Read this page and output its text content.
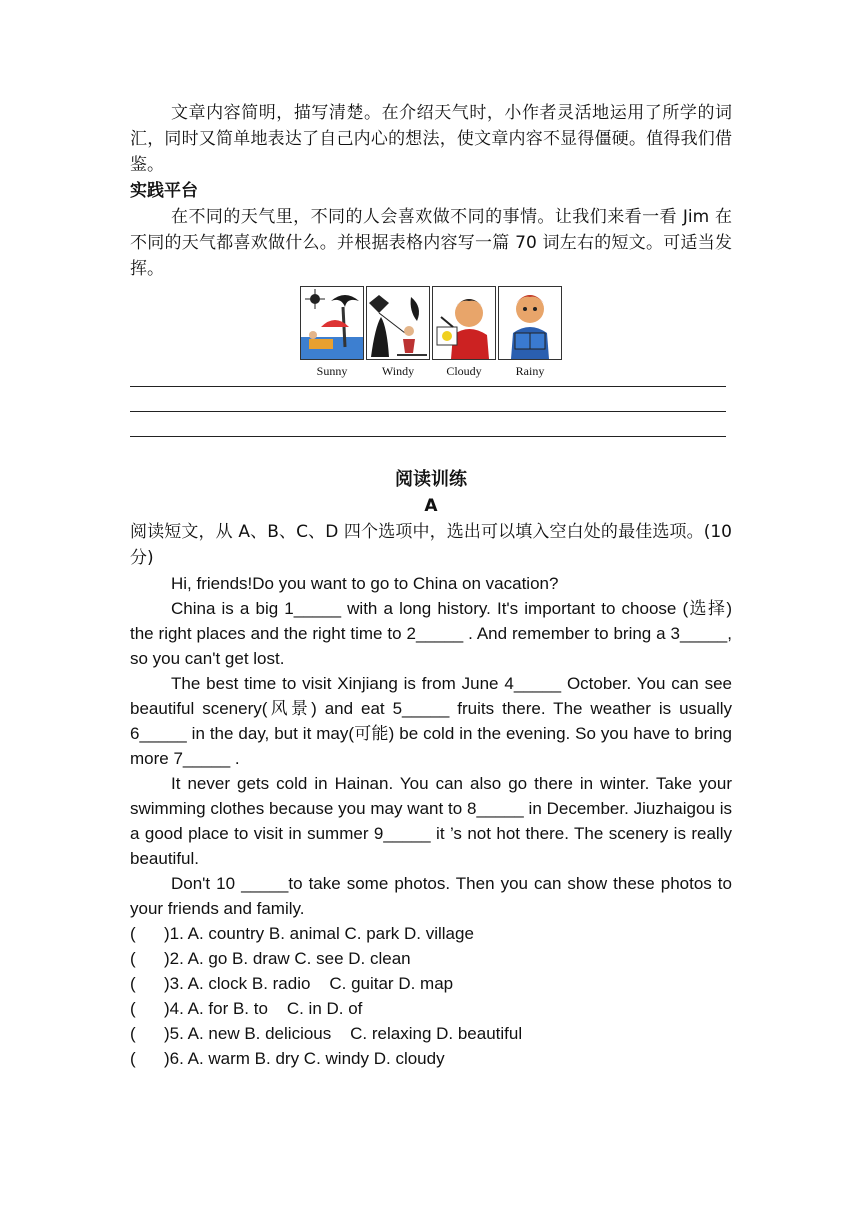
文章内容简明，描写清楚。在介绍天气时，小作者灵活地运用了所学的词汇，同时又简单地表达了自己内心的想法，使文章内容不显得僵硬。值得我们借鉴。

实践平台

在不同的天气里，不同的人会喜欢做不同的事情。让我们来看一看 Jim 在不同的天气都喜欢做什么。并根据表格内容写一篇 70 词左右的短文。可适当发挥。

Sunny	Windy	Cloudy	Rainy

阅读训练

A

阅读短文，从 A、B、C、D 四个选项中，选出可以填入空白处的最佳选项。(10 分)

Hi, friends!Do you want to go to China on vacation?

China is a big 1_____ with a long history. It's important to choose (选择) the right places and the right time to 2_____ . And remember to bring a 3_____, so you can't get lost.

The best time to visit Xinjiang is from June 4_____ October. You can see beautiful scenery(风景) and eat 5_____ fruits there. The weather is usually 6_____ in the day, but it may(可能) be cold in the evening. So you have to bring more 7_____ .

It never gets cold in Hainan. You can also go there in winter. Take your swimming clothes because you may want to 8_____ in December. Jiuzhaigou is a good place to visit in summer 9_____ it ’s not hot there. The scenery is really beautiful.

Don't 10 _____to take some photos. Then you can show these photos to your friends and family.

(      )1. A. country B. animal C. park D. village

(      )2. A. go B. draw C. see D. clean

(      )3. A. clock B. radio    C. guitar D. map

(      )4. A. for B. to    C. in D. of

(      )5. A. new B. delicious    C. relaxing D. beautiful

(      )6. A. warm B. dry C. windy D. cloudy
